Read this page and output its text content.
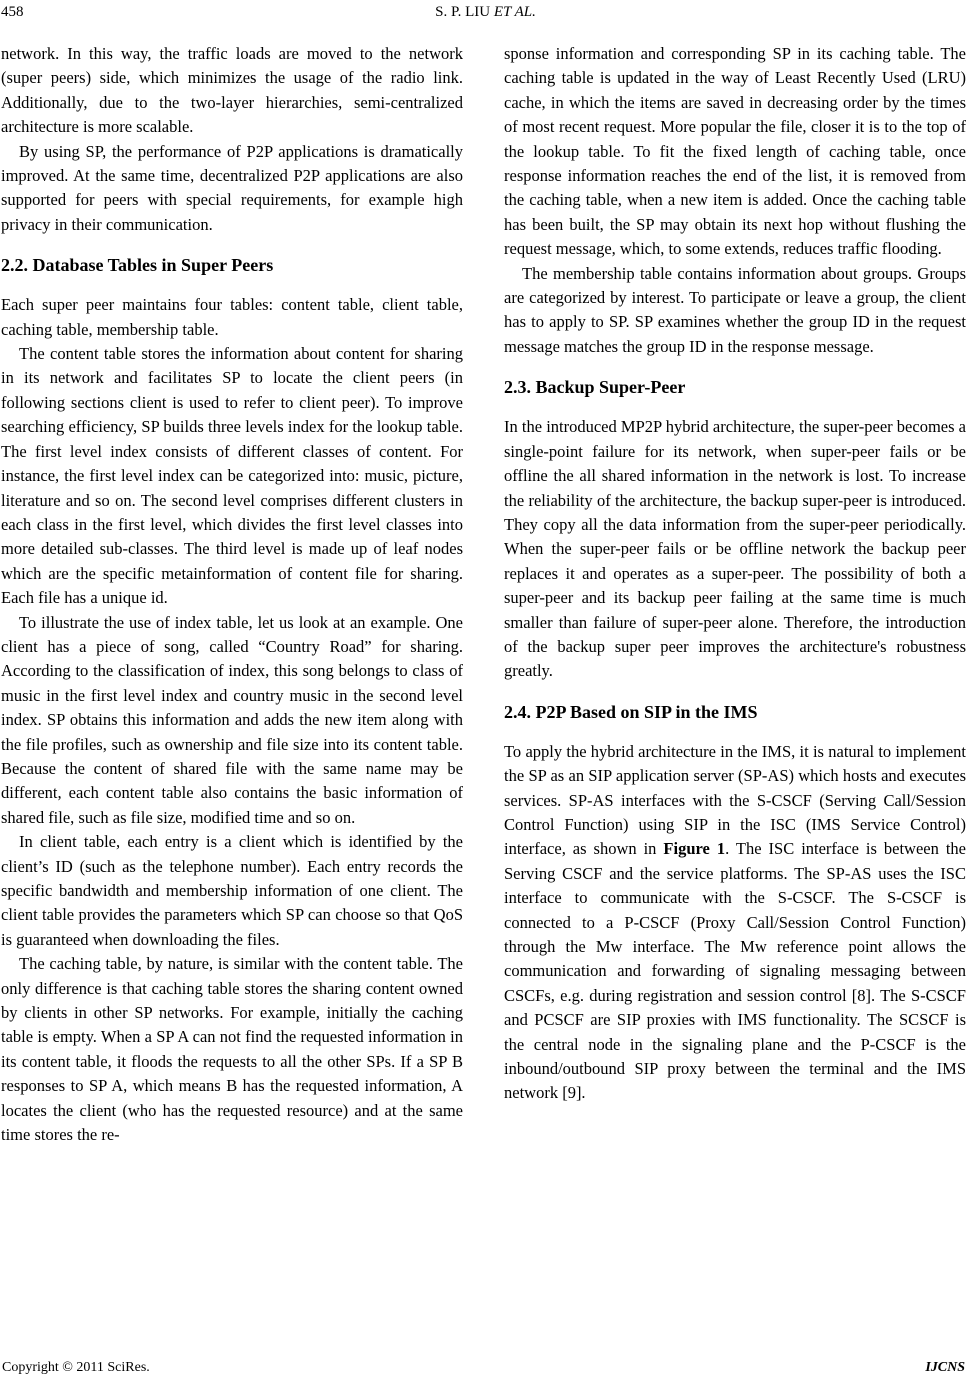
458	S. P. LIU ET AL.

network. In this way, the traffic loads are moved to the network (super peers) side, which minimizes the usage of the radio link. Additionally, due to the two-layer hierarchies, semi-centralized architecture is more scalable.

By using SP, the performance of P2P applications is dramatically improved. At the same time, decentralized P2P applications are also supported for peers with special requirements, for example high privacy in their communication.

2.2. Database Tables in Super Peers

Each super peer maintains four tables: content table, client table, caching table, membership table.

The content table stores the information about content for sharing in its network and facilitates SP to locate the client peers (in following sections client is used to refer to client peer). To improve searching efficiency, SP builds three levels index for the lookup table. The first level index consists of different classes of content. For instance, the first level index can be categorized into: music, picture, literature and so on. The second level comprises different clusters in each class in the first level, which divides the first level classes into more detailed sub-classes. The third level is made up of leaf nodes which are the specific metainformation of content file for sharing. Each file has a unique id.

To illustrate the use of index table, let us look at an example. One client has a piece of song, called “Country Road” for sharing. According to the classification of index, this song belongs to class of music in the first level index and country music in the second level index. SP obtains this information and adds the new item along with the file profiles, such as ownership and file size into its content table. Because the content of shared file with the same name may be different, each content table also contains the basic information of shared file, such as file size, modified time and so on.

In client table, each entry is a client which is identified by the client’s ID (such as the telephone number). Each entry records the specific bandwidth and membership information of one client. The client table provides the parameters which SP can choose so that QoS is guaranteed when downloading the files.

The caching table, by nature, is similar with the content table. The only difference is that caching table stores the sharing content owned by clients in other SP networks. For example, initially the caching table is empty. When a SP A can not find the requested information in its content table, it floods the requests to all the other SPs. If a SP B responses to SP A, which means B has the requested information, A locates the client (who has the requested resource) and at the same time stores the re-

sponse information and corresponding SP in its caching table. The caching table is updated in the way of Least Recently Used (LRU) cache, in which the items are saved in decreasing order by the times of most recent request. More popular the file, closer it is to the top of the lookup table. To fit the fixed length of caching table, once response information reaches the end of the list, it is removed from the caching table, when a new item is added. Once the caching table has been built, the SP may obtain its next hop without flushing the request message, which, to some extends, reduces traffic flooding.

The membership table contains information about groups. Groups are categorized by interest. To participate or leave a group, the client has to apply to SP. SP examines whether the group ID in the request message matches the group ID in the response message.

2.3. Backup Super-Peer

In the introduced MP2P hybrid architecture, the super-peer becomes a single-point failure for its network, when super-peer fails or be offline the all shared information in the network is lost. To increase the reliability of the architecture, the backup super-peer is introduced. They copy all the data information from the super-peer periodically. When the super-peer fails or be offline network the backup peer replaces it and operates as a super-peer. The possibility of both a super-peer and its backup peer failing at the same time is much smaller than failure of super-peer alone. Therefore, the introduction of the backup super peer improves the architecture's robustness greatly.

2.4. P2P Based on SIP in the IMS

To apply the hybrid architecture in the IMS, it is natural to implement the SP as an SIP application server (SP-AS) which hosts and executes services. SP-AS interfaces with the S-CSCF (Serving Call/Session Control Function) using SIP in the ISC (IMS Service Control) interface, as shown in Figure 1. The ISC interface is between the Serving CSCF and the service platforms. The SP-AS uses the ISC interface to communicate with the S-CSCF. The S-CSCF is connected to a P-CSCF (Proxy Call/Session Control Function) through the Mw interface. The Mw reference point allows the communication and forwarding of signaling messaging between CSCFs, e.g. during registration and session control [8]. The S-CSCF and PCSCF are SIP proxies with IMS functionality. The SCSCF is the central node in the signaling plane and the P-CSCF is the inbound/outbound SIP proxy between the terminal and the IMS network [9].

Copyright © 2011 SciRes.	IJCNS
